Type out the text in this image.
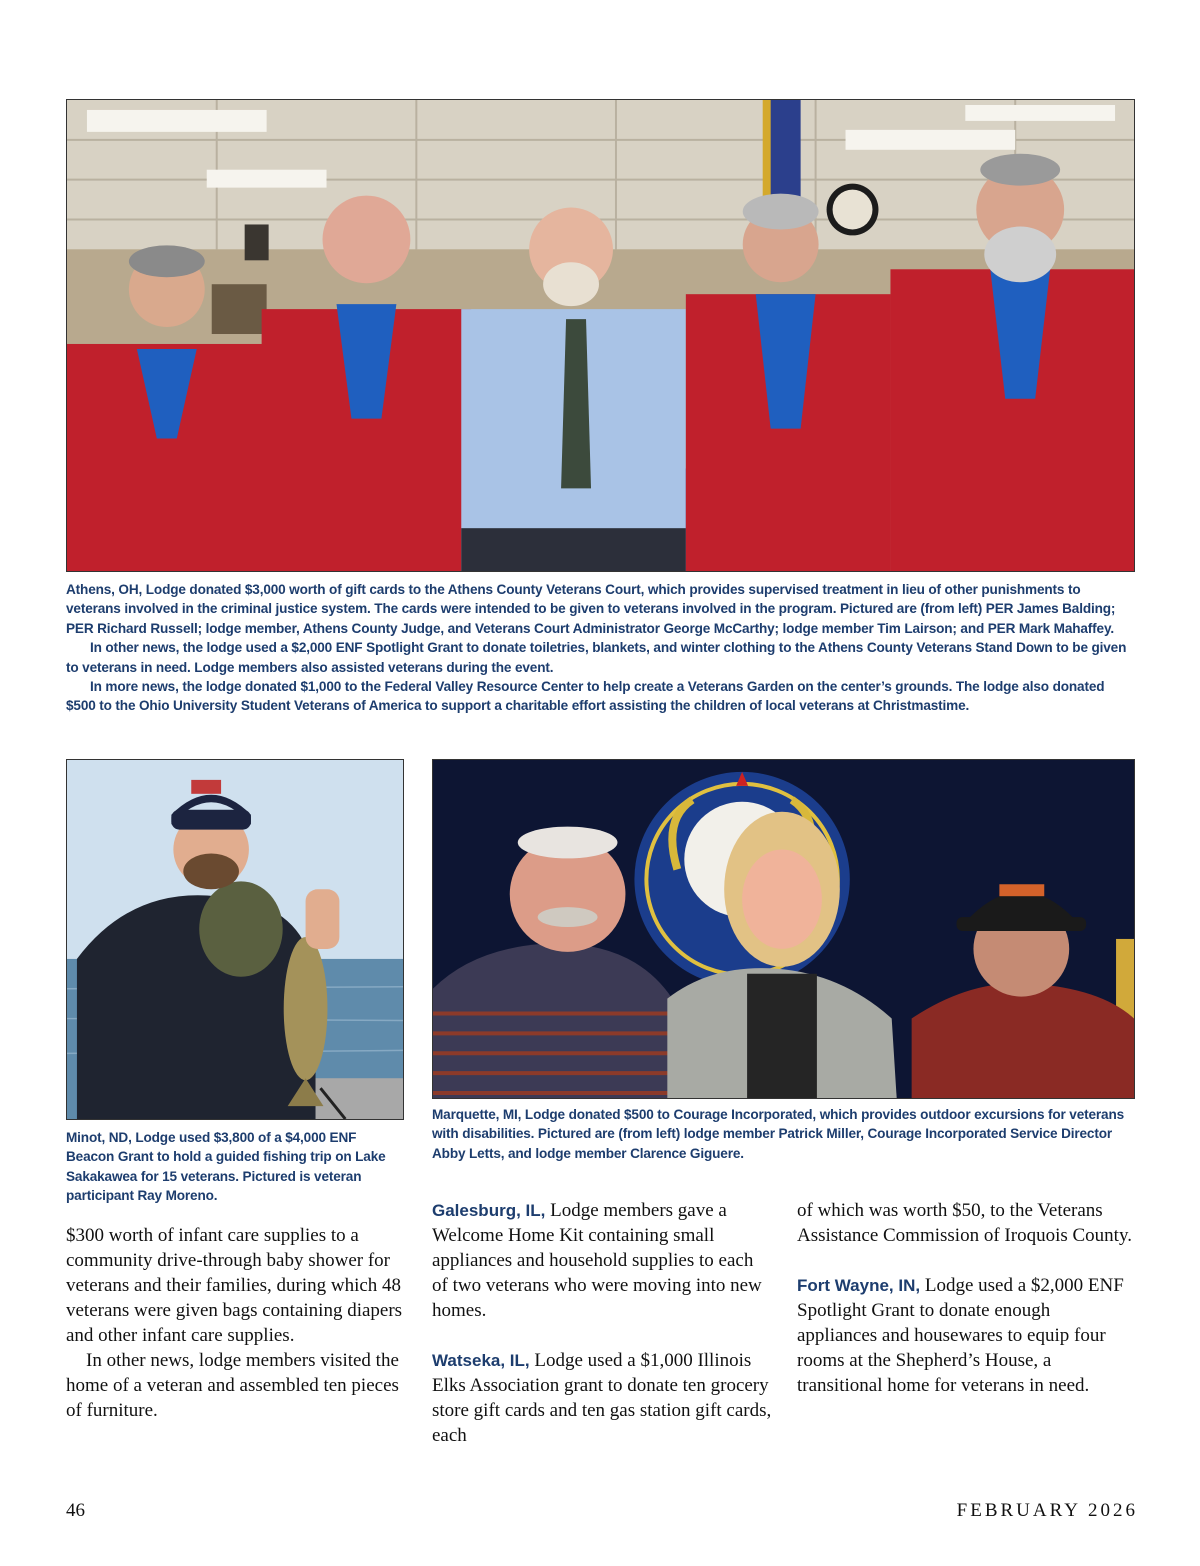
Athens, OH, Lodge donated $3,000 worth of gift cards to the Athens County Veterans Court, which provides supervised treatment in lieu of other punishments to veterans involved in the criminal justice system. The cards were intended to be given to veterans involved in the program. Pictured are (from left) PER James Balding; PER Richard Russell; lodge member, Athens County Judge, and Veterans Court Administrator George McCarthy; lodge member Tim Lairson; and PER Mark Mahaffey.

In other news, the lodge used a $2,000 ENF Spotlight Grant to donate toiletries, blankets, and winter clothing to the Athens County Veterans Stand Down to be given to veterans in need. Lodge members also assisted veterans during the event.

In more news, the lodge donated $1,000 to the Federal Valley Resource Center to help create a Veterans Garden on the center’s grounds. The lodge also donated $500 to the Ohio University Student Veterans of America to support a charitable effort assisting the children of local veterans at Christmastime.

Minot, ND, Lodge used $3,800 of a $4,000 ENF Beacon Grant to hold a guided fishing trip on Lake Sakakawea for 15 veterans. Pictured is veteran participant Ray Moreno.

Marquette, MI, Lodge donated $500 to Courage Incorporated, which provides outdoor excursions for veterans with disabilities. Pictured are (from left) lodge member Patrick Miller, Courage Incorporated Service Director Abby Letts, and lodge member Clarence Giguere.

$300 worth of infant care supplies to a community drive-through baby shower for veterans and their families, during which 48 veterans were given bags containing diapers and other infant care supplies.

In other news, lodge members visited the home of a veteran and assembled ten pieces of furniture.

Galesburg, IL, Lodge members gave a Welcome Home Kit containing small appliances and household supplies to each of two veterans who were moving into new homes.

Watseka, IL, Lodge used a $1,000 Illinois Elks Association grant to donate ten grocery store gift cards and ten gas station gift cards, each

of which was worth $50, to the Veterans Assistance Commission of Iroquois County.

Fort Wayne, IN, Lodge used a $2,000 ENF Spotlight Grant to donate enough appliances and housewares to equip four rooms at the Shepherd’s House, a transitional home for veterans in need.

46	FEBRUARY 2026
